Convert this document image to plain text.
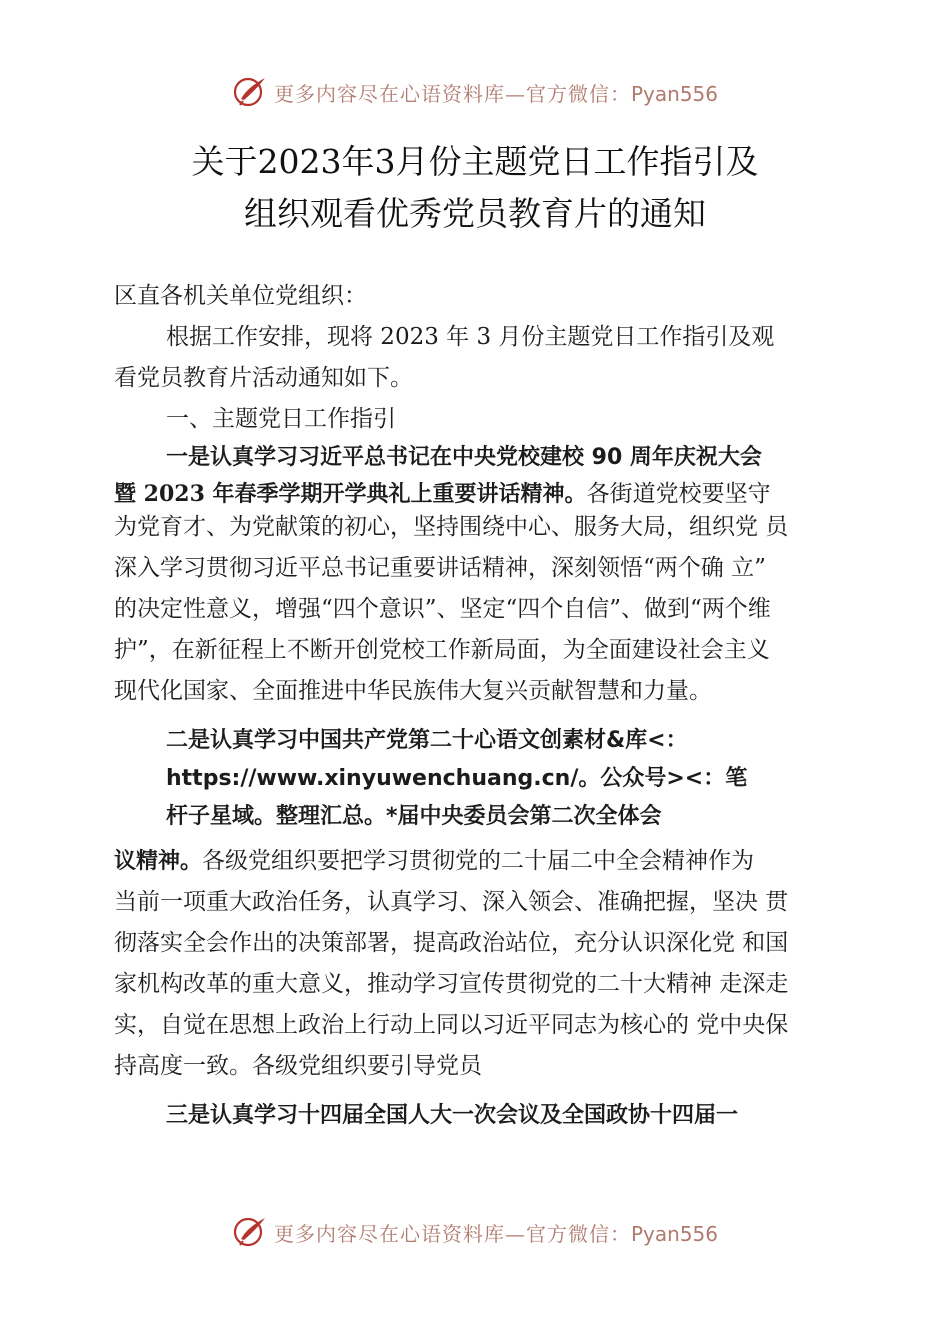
更多内容尽在心语资料库—官方微信：Pyan556
关于2023年3月份主题党日工作指引及
组织观看优秀党员教育片的通知
区直各机关单位党组织：
根据工作安排，现将 2023 年 3 月份主题党日工作指引及观
看党员教育片活动通知如下。
一、主题党日工作指引
一是认真学习习近平总书记在中央党校建校 90 周年庆祝大会
暨 2023 年春季学期开学典礼上重要讲话精神。各街道党校要坚守
为党育才、为党献策的初心，坚持围绕中心、服务大局，组织党 员
深入学习贯彻习近平总书记重要讲话精神，深刻领悟“两个确 立”
的决定性意义，增强“四个意识”、坚定“四个自信”、做到“两个维
护”，在新征程上不断开创党校工作新局面，为全面建设社会主义
现代化国家、全面推进中华民族伟大复兴贡献智慧和力量。
二是认真学习中国共产党第二十心语文创素材&库<：
https://www.xinyuwenchuang.cn/。公众号><：笔
杆子星域。整理汇总。*届中央委员会第二次全体会
议精神。各级党组织要把学习贯彻党的二十届二中全会精神作为
当前一项重大政治任务，认真学习、深入领会、准确把握，坚决 贯
彻落实全会作出的决策部署，提高政治站位，充分认识深化党 和国
家机构改革的重大意义，推动学习宣传贯彻党的二十大精神 走深走
实，自觉在思想上政治上行动上同以习近平同志为核心的 党中央保
持高度一致。各级党组织要引导党员
三是认真学习十四届全国人大一次会议及全国政协十四届一
更多内容尽在心语资料库—官方微信：Pyan556
